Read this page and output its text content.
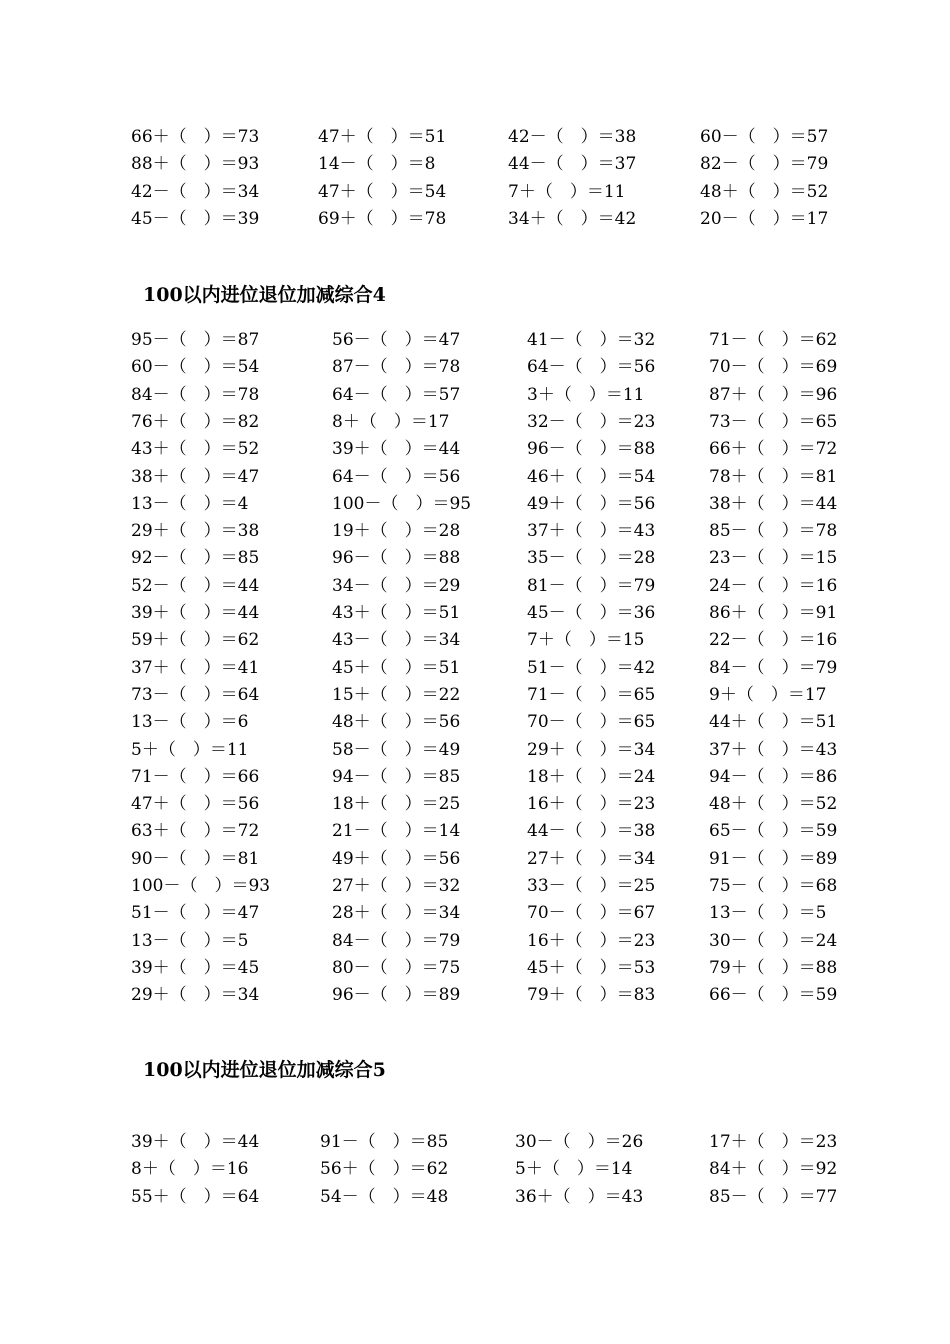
66＋（　）＝73	47＋（　）＝51	42－（　）＝38	60－（　）＝57
88＋（　）＝93	14－（　）＝8	44－（　）＝37	82－（　）＝79
42－（　）＝34	47＋（　）＝54	7＋（　）＝11	48＋（　）＝52
45－（　）＝39	69＋（　）＝78	34＋（　）＝42	20－（　）＝17
100以内进位退位加减综合4
95－（　）＝87	56－（　）＝47	41－（　）＝32	71－（　）＝62
60－（　）＝54	87－（　）＝78	64－（　）＝56	70－（　）＝69
84－（　）＝78	64－（　）＝57	3＋（　）＝11	87＋（　）＝96
76＋（　）＝82	8＋（　）＝17	32－（　）＝23	73－（　）＝65
43＋（　）＝52	39＋（　）＝44	96－（　）＝88	66＋（　）＝72
38＋（　）＝47	64－（　）＝56	46＋（　）＝54	78＋（　）＝81
13－（　）＝4	100－（　）＝95	49＋（　）＝56	38＋（　）＝44
29＋（　）＝38	19＋（　）＝28	37＋（　）＝43	85－（　）＝78
92－（　）＝85	96－（　）＝88	35－（　）＝28	23－（　）＝15
52－（　）＝44	34－（　）＝29	81－（　）＝79	24－（　）＝16
39＋（　）＝44	43＋（　）＝51	45－（　）＝36	86＋（　）＝91
59＋（　）＝62	43－（　）＝34	7＋（　）＝15	22－（　）＝16
37＋（　）＝41	45＋（　）＝51	51－（　）＝42	84－（　）＝79
73－（　）＝64	15＋（　）＝22	71－（　）＝65	9＋（　）＝17
13－（　）＝6	48＋（　）＝56	70－（　）＝65	44＋（　）＝51
5＋（　）＝11	58－（　）＝49	29＋（　）＝34	37＋（　）＝43
71－（　）＝66	94－（　）＝85	18＋（　）＝24	94－（　）＝86
47＋（　）＝56	18＋（　）＝25	16＋（　）＝23	48＋（　）＝52
63＋（　）＝72	21－（　）＝14	44－（　）＝38	65－（　）＝59
90－（　）＝81	49＋（　）＝56	27＋（　）＝34	91－（　）＝89
100－（　）＝93	27＋（　）＝32	33－（　）＝25	75－（　）＝68
51－（　）＝47	28＋（　）＝34	70－（　）＝67	13－（　）＝5
13－（　）＝5	84－（　）＝79	16＋（　）＝23	30－（　）＝24
39＋（　）＝45	80－（　）＝75	45＋（　）＝53	79＋（　）＝88
29＋（　）＝34	96－（　）＝89	79＋（　）＝83	66－（　）＝59
100以内进位退位加减综合5
39＋（　）＝44	91－（　）＝85	30－（　）＝26	17＋（　）＝23
8＋（　）＝16	56＋（　）＝62	5＋（　）＝14	84＋（　）＝92
55＋（　）＝64	54－（　）＝48	36＋（　）＝43	85－（　）＝77
